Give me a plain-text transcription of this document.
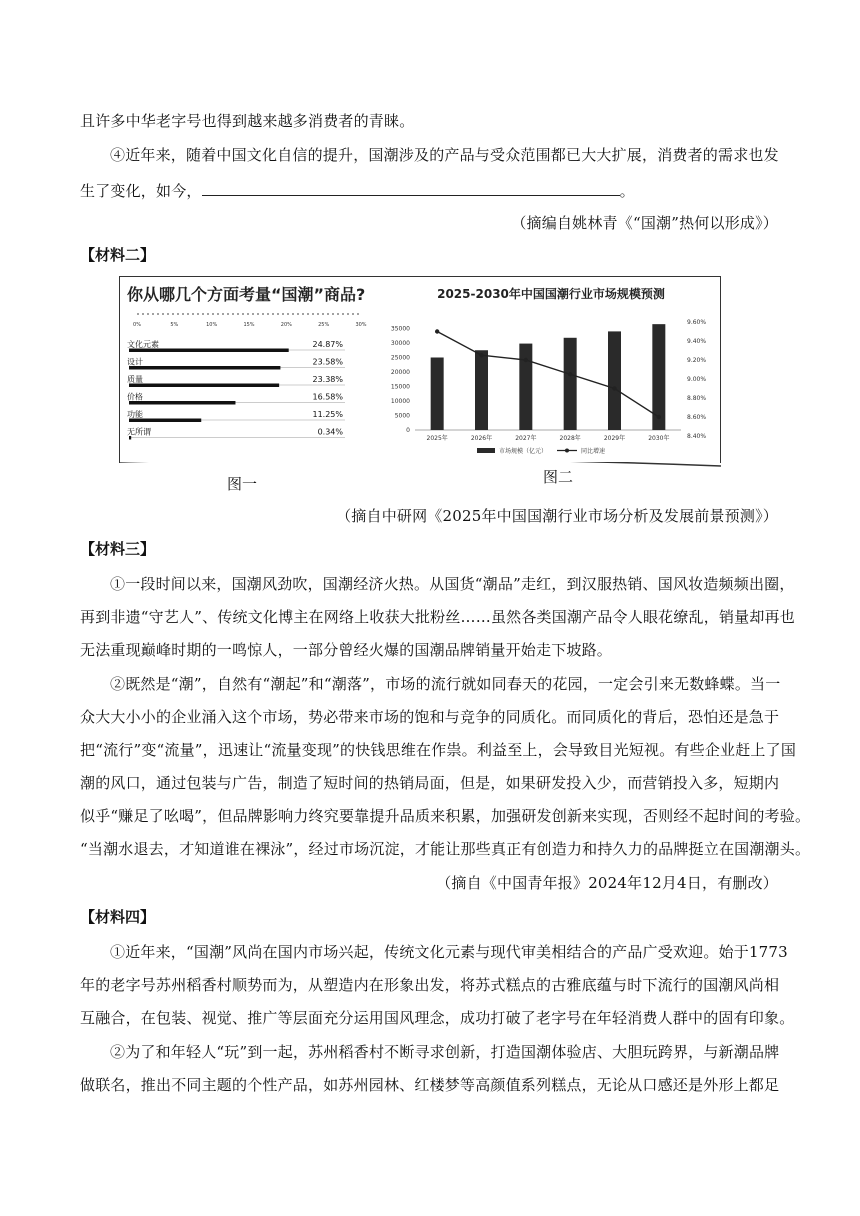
且许多中华老字号也得到越来越多消费者的青睐。
④近年来，随着中国文化自信的提升，国潮涉及的产品与受众范围都已大大扩展，消费者的需求也发
生了变化，如今，	。
（摘编自姚林青《“国潮”热何以形成》）
【材料二】
你从哪几个方面考量“国潮”商品?
0%	5%	10%	15%	20%	25%	30%
文化元素	24.87%
设计	23.58%
质量	23.38%
价格	16.58%
功能	11.25%
无所谓	0.34%
图一
2025-2030年中国国潮行业市场规模预测
0
5000
10000
15000
20000
25000
30000
35000
8.40%
8.60%
8.80%
9.00%
9.20%
9.40%
9.60%
2025年	2026年	2027年	2028年	2029年	2030年
市场规模（亿元）	同比增速
图二
（摘自中研网《2025年中国国潮行业市场分析及发展前景预测》）
【材料三】
①一段时间以来，国潮风劲吹，国潮经济火热。从国货“潮品”走红，到汉服热销、国风妆造频频出圈，
再到非遗“守艺人”、传统文化博主在网络上收获大批粉丝……虽然各类国潮产品令人眼花缭乱，销量却再也
无法重现巅峰时期的一鸣惊人，一部分曾经火爆的国潮品牌销量开始走下坡路。
②既然是“潮”，自然有“潮起”和“潮落”，市场的流行就如同春天的花园，一定会引来无数蜂蝶。当一
众大大小小的企业涌入这个市场，势必带来市场的饱和与竞争的同质化。而同质化的背后，恐怕还是急于
把“流行”变“流量”，迅速让“流量变现”的快钱思维在作祟。利益至上，会导致目光短视。有些企业赶上了国
潮的风口，通过包装与广告，制造了短时间的热销局面，但是，如果研发投入少，而营销投入多，短期内
似乎“赚足了吆喝”，但品牌影响力终究要靠提升品质来积累，加强研发创新来实现，否则经不起时间的考验。
“当潮水退去，才知道谁在裸泳”，经过市场沉淀，才能让那些真正有创造力和持久力的品牌挺立在国潮潮头。
（摘自《中国青年报》2024年12月4日，有删改）
【材料四】
①近年来，“国潮”风尚在国内市场兴起，传统文化元素与现代审美相结合的产品广受欢迎。始于1773
年的老字号苏州稻香村顺势而为，从塑造内在形象出发，将苏式糕点的古雅底蕴与时下流行的国潮风尚相
互融合，在包装、视觉、推广等层面充分运用国风理念，成功打破了老字号在年轻消费人群中的固有印象。
②为了和年轻人“玩”到一起，苏州稻香村不断寻求创新，打造国潮体验店、大胆玩跨界，与新潮品牌
做联名，推出不同主题的个性产品，如苏州园林、红楼梦等高颜值系列糕点，无论从口感还是外形上都足
